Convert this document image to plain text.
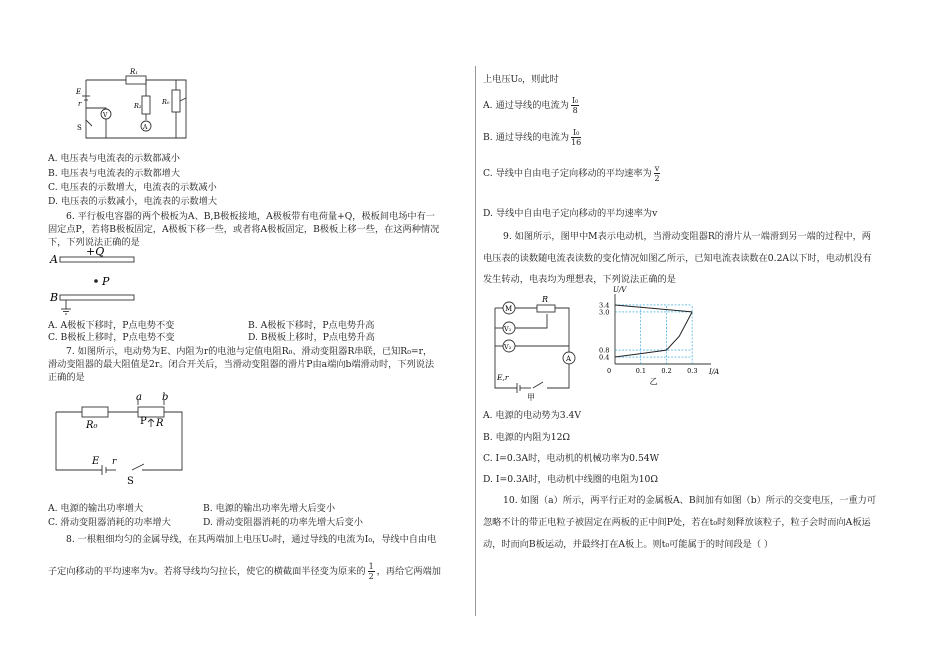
R₁
E
r	R₂	R₀
V
A
S
A. 电压表与电流表的示数都减小
B. 电压表与电流表的示数都增大
C. 电压表的示数增大，电流表的示数减小
D. 电压表的示数减小，电流表的示数增大
6. 平行板电容器的两个极板为A、B,B极板接地，A极板带有电荷量+Q，极板间电场中有一
固定点P，若将B极板固定，A极板下移一些，或者将A极板固定，B极板上移一些，在这两种情况
下，下列说法正确的是
A
+Q
P
B
A. A极板下移时，P点电势不变	B. A极板下移时，P点电势升高
C. B极板上移时，P点电势不变	D. B极板上移时，P点电势升高
7. 如图所示，电动势为E、内阻为r的电池与定值电阻R₀、滑动变阻器R串联，已知R₀=r，
滑动变阻器的最大阻值是2r。闭合开关后，当滑动变阻器的滑片P由a端向b端滑动时，下列说法
正确的是
a b
R₀	P R
E r
S
A. 电源的输出功率增大	B. 电源的输出功率先增大后变小
C. 滑动变阻器消耗的功率增大	D. 滑动变阻器消耗的功率先增大后变小
8. 一根粗细均匀的金属导线，在其两端加上电压U₀时，通过导线的电流为I₀，导线中自由电
子定向移动的平均速率为v。若将导线均匀拉长，使它的横截面半径变为原来的 $\frac{1}{2}$ ，再给它两端加
上电压U₀，则此时
A. 通过导线的电流为 $\frac{\text{I₀}}{8}$
B. 通过导线的电流为 $\frac{\text{I₀}}{16}$
C. 导线中自由电子定向移动的平均速率为 $\frac{v}{2}$
D. 导线中自由电子定向移动的平均速率为v
9. 如图所示，图甲中M表示电动机，当滑动变阻器R的滑片从一端滑到另一端的过程中，两
电压表的读数随电流表读数的变化情况如图乙所示，已知电流表读数在0.2A以下时，电动机没有
发生转动，电表均为理想表，下列说法正确的是
M
R
V₁
V₂
A
E,r
甲
I/A
U/V
0	0.1 0.2 0.3
0.4
0.8
3.0
3.4
乙
A. 电源的电动势为3.4V
B. 电源的内阻为12Ω
C. I=0.3A时，电动机的机械功率为0.54W
D. I=0.3A时，电动机中线圈的电阻为10Ω
10. 如图（a）所示，两平行正对的金属板A、B间加有如图（b）所示的交变电压，一重力可
忽略不计的带正电粒子被固定在两板的正中间P处，若在t₀时刻释放该粒子，粒子会时而向A板运
动，时而向B板运动，并最终打在A板上。则t₀可能属于的时间段是（ ）
